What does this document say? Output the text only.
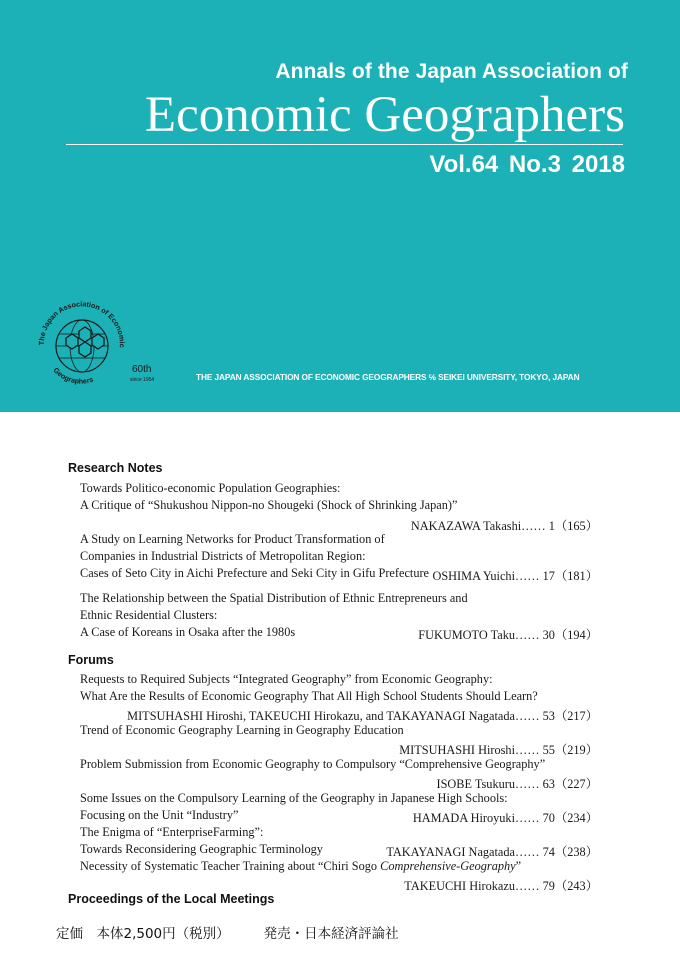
Annals of the Japan Association of
Economic Geographers
Vol.64 No.3 2018
The Japan Association of Economic
Geographers
60th
since 1954	THE JAPAN ASSOCIATION OF ECONOMIC GEOGRAPHERS ℅ SEIKEI UNIVERSITY, TOKYO, JAPAN
Research Notes
Towards Politico-economic Population Geographies:
A Critique of “Shukushou Nippon-no Shougeki (Shock of Shrinking Japan)”
NAKAZAWA Takashi…… 1（165）
A Study on Learning Networks for Product Transformation of
Companies in Industrial Districts of Metropolitan Region:
Cases of Seto City in Aichi Prefecture and Seki City in Gifu Prefecture OSHIMA Yuichi…… 17（181）
The Relationship between the Spatial Distribution of Ethnic Entrepreneurs and
Ethnic Residential Clusters:
A Case of Koreans in Osaka after the 1980s	FUKUMOTO Taku…… 30（194）
Forums
Requests to Required Subjects “Integrated Geography” from Economic Geography:
What Are the Results of Economic Geography That All High School Students Should Learn?
MITSUHASHI Hiroshi, TAKEUCHI Hirokazu, and TAKAYANAGI Nagatada…… 53（217）
Trend of Economic Geography Learning in Geography Education
MITSUHASHI Hiroshi…… 55（219）
Problem Submission from Economic Geography to Compulsory “Comprehensive Geography”
ISOBE Tsukuru…… 63（227）
Some Issues on the Compulsory Learning of the Geography in Japanese High Schools:
Focusing on the Unit “Industry”	HAMADA Hiroyuki…… 70（234）
The Enigma of “EnterpriseFarming”:
Towards Reconsidering Geographic Terminology	TAKAYANAGI Nagatada…… 74（238）
Necessity of Systematic Teacher Training about “Chiri Sogo Comprehensive-Geography”
TAKEUCHI Hirokazu…… 79（243）
Proceedings of the Local Meetings
定価　本体2,500円（税別）	発売・日本経済評論社
